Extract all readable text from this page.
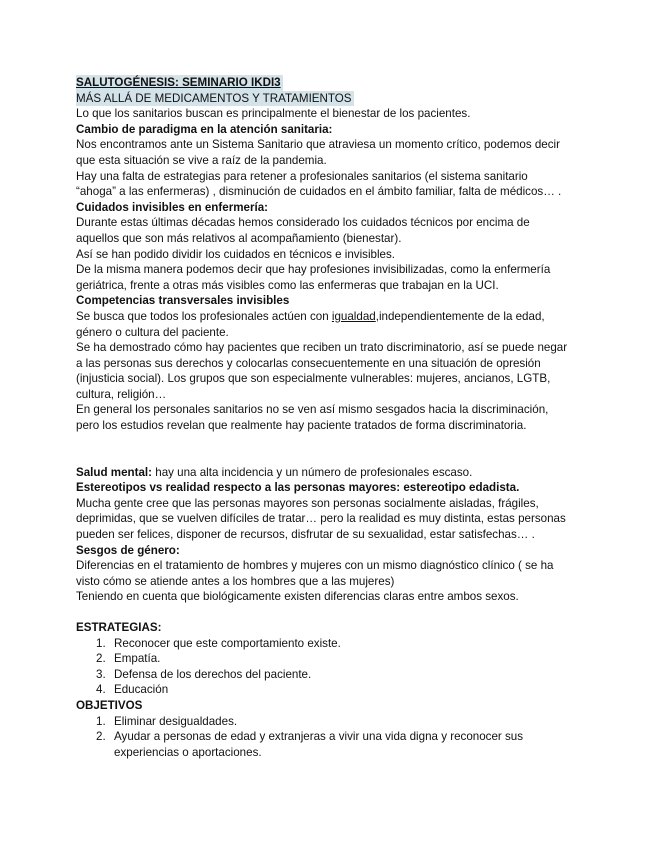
SALUTOGÉNESIS: SEMINARIO IKDI3
MÁS ALLÁ DE MEDICAMENTOS Y TRATAMIENTOS
Lo que los sanitarios buscan es principalmente el bienestar de los pacientes.
Cambio de paradigma en la atención sanitaria:
Nos encontramos ante un Sistema Sanitario que atraviesa un momento crítico, podemos decir
que esta situación se vive a raíz de la pandemia.
Hay una falta de estrategias para retener a profesionales sanitarios (el sistema sanitario
“ahoga” a las enfermeras) , disminución de cuidados en el ámbito familiar, falta de médicos… .
Cuidados invisibles en enfermería:
Durante estas últimas décadas hemos considerado los cuidados técnicos por encima de
aquellos que son más relativos al acompañamiento (bienestar).
Así se han podido dividir los cuidados en técnicos e invisibles.
De la misma manera podemos decir que hay profesiones invisibilizadas, como la enfermería
geriátrica, frente a otras más visibles como las enfermeras que trabajan en la UCI.
Competencias transversales invisibles
Se busca que todos los profesionales actúen con igualdad,independientemente de la edad,
género o cultura del paciente.
Se ha demostrado cómo hay pacientes que reciben un trato discriminatorio, así se puede negar
a las personas sus derechos y colocarlas consecuentemente en una situación de opresión
(injusticia social). Los grupos que son especialmente vulnerables: mujeres, ancianos, LGTB,
cultura, religión…
En general los personales sanitarios no se ven así mismo sesgados hacia la discriminación,
pero los estudios revelan que realmente hay paciente tratados de forma discriminatoria.
Salud mental: hay una alta incidencia y un número de profesionales escaso.
Estereotipos vs realidad respecto a las personas mayores: estereotipo edadista.
Mucha gente cree que las personas mayores son personas socialmente aisladas, frágiles,
deprimidas, que se vuelven difíciles de tratar… pero la realidad es muy distinta, estas personas
pueden ser felices, disponer de recursos, disfrutar de su sexualidad, estar satisfechas… .
Sesgos de género:
Diferencias en el tratamiento de hombres y mujeres con un mismo diagnóstico clínico ( se ha
visto cómo se atiende antes a los hombres que a las mujeres)
Teniendo en cuenta que biológicamente existen diferencias claras entre ambos sexos.
ESTRATEGIAS:
1. Reconocer que este comportamiento existe.
2. Empatía.
3. Defensa de los derechos del paciente.
4. Educación
OBJETIVOS
1. Eliminar desigualdades.
2. Ayudar a personas de edad y extranjeras a vivir una vida digna y reconocer sus
experiencias o aportaciones.
